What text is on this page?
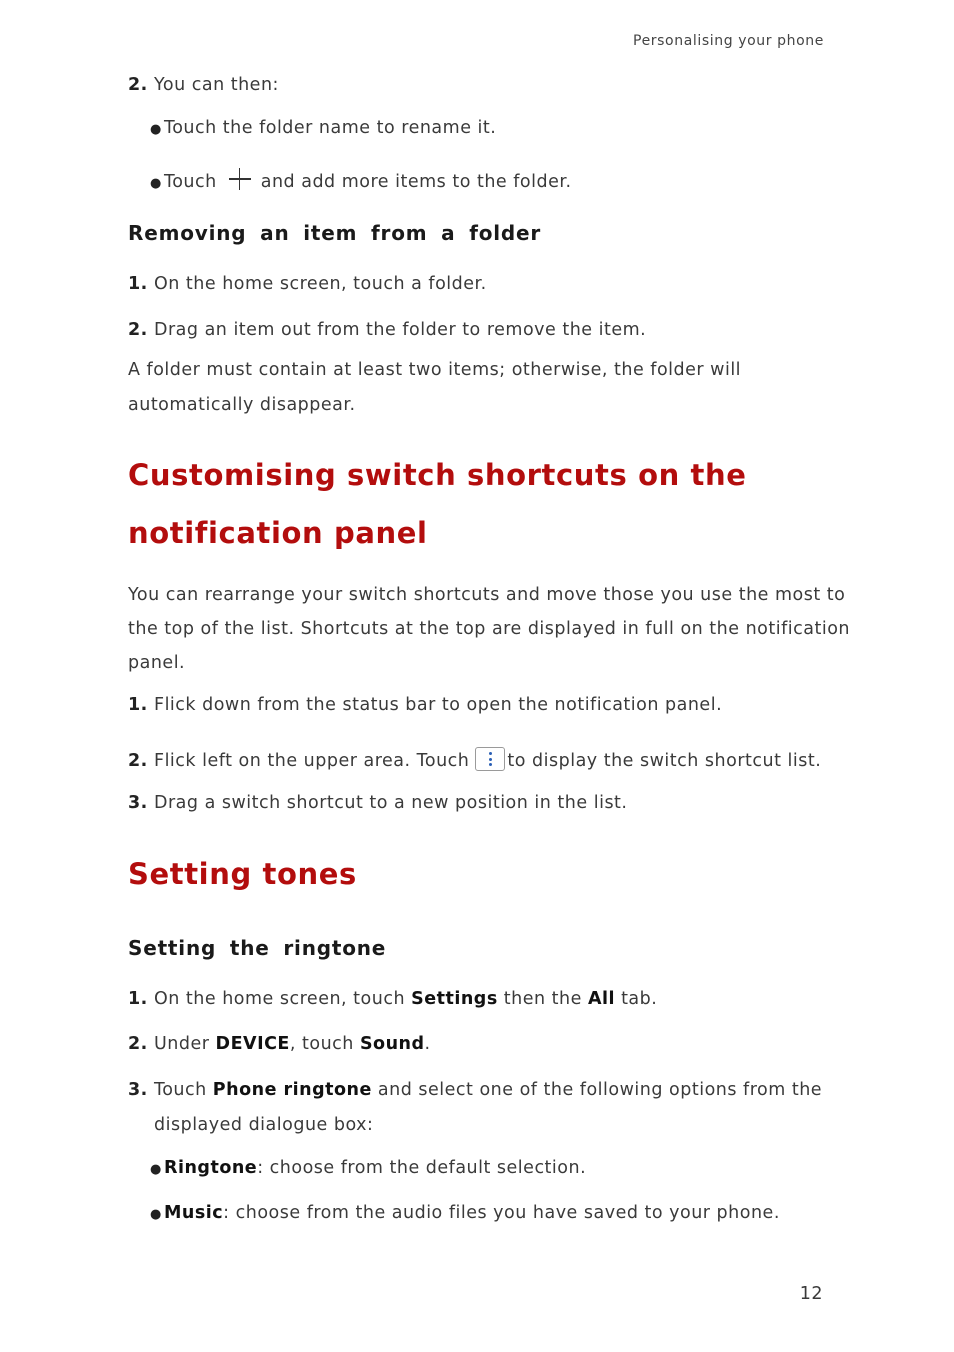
Personalising your phone
2. You can then:
● Touch the folder name to rename it.
● Touch	and add more items to the folder.
Removing an item from a folder
1. On the home screen, touch a folder.
2. Drag an item out from the folder to remove the item.
A folder must contain at least two items; otherwise, the folder will
automatically disappear.
Customising switch shortcuts on the
notification panel
You can rearrange your switch shortcuts and move those you use the most to
the top of the list. Shortcuts at the top are displayed in full on the notification
panel.
1. Flick down from the status bar to open the notification panel.
2. Flick left on the upper area. Touch to display the switch shortcut list.
3. Drag a switch shortcut to a new position in the list.
Setting tones
Setting the ringtone
1. On the home screen, touch Settings then the All tab.
2. Under DEVICE, touch Sound.
3. Touch Phone ringtone and select one of the following options from the
displayed dialogue box:
● Ringtone: choose from the default selection.
● Music: choose from the audio files you have saved to your phone.
12
